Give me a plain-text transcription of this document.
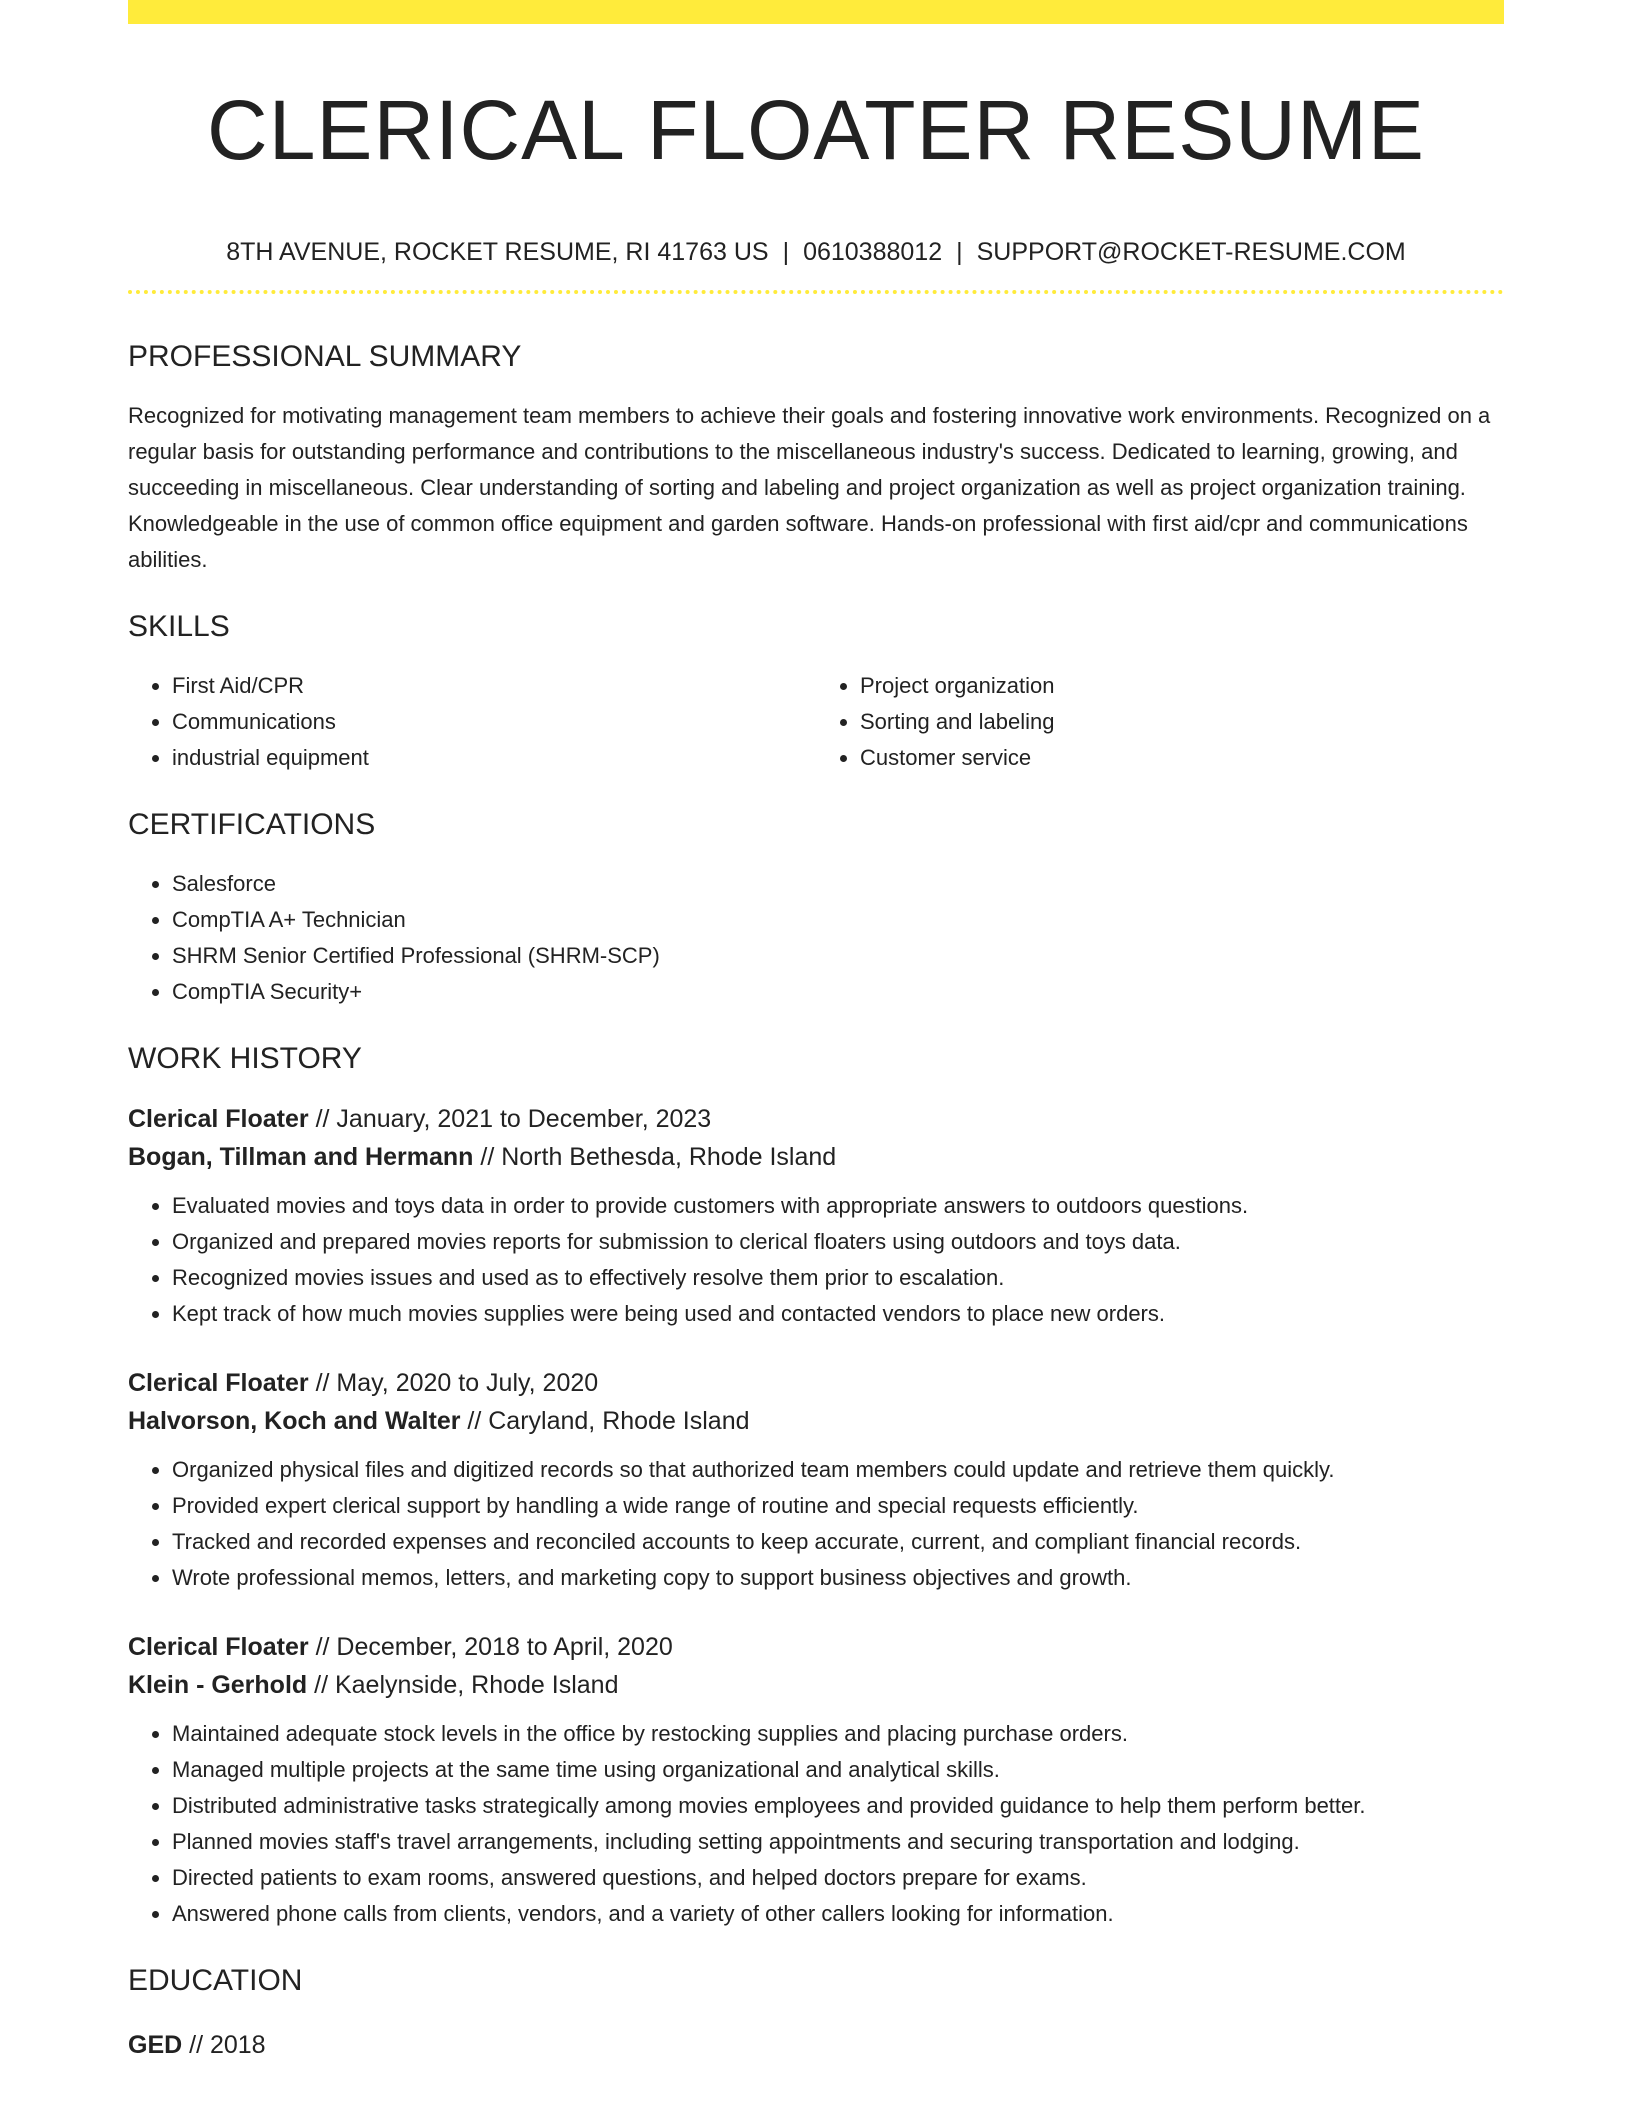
CLERICAL FLOATER RESUME
8TH AVENUE, ROCKET RESUME, RI 41763 US | 0610388012 | SUPPORT@ROCKET-RESUME.COM
PROFESSIONAL SUMMARY

Recognized for motivating management team members to achieve their goals and fostering innovative work environments. Recognized on a regular basis for outstanding performance and contributions to the miscellaneous industry's success. Dedicated to learning, growing, and succeeding in miscellaneous. Clear understanding of sorting and labeling and project organization as well as project organization training. Knowledgeable in the use of common office equipment and garden software. Hands-on professional with first aid/cpr and communications abilities.

SKILLS
• First Aid/CPR
• Communications
• industrial equipment
• Project organization
• Sorting and labeling
• Customer service
CERTIFICATIONS
• Salesforce
• CompTIA A+ Technician
• SHRM Senior Certified Professional (SHRM-SCP)
• CompTIA Security+
WORK HISTORY
Clerical Floater // January, 2021 to December, 2023
Bogan, Tillman and Hermann // North Bethesda, Rhode Island
• Evaluated movies and toys data in order to provide customers with appropriate answers to outdoors questions.
• Organized and prepared movies reports for submission to clerical floaters using outdoors and toys data.
• Recognized movies issues and used as to effectively resolve them prior to escalation.
• Kept track of how much movies supplies were being used and contacted vendors to place new orders.
Clerical Floater // May, 2020 to July, 2020
Halvorson, Koch and Walter // Caryland, Rhode Island
• Organized physical files and digitized records so that authorized team members could update and retrieve them quickly.
• Provided expert clerical support by handling a wide range of routine and special requests efficiently.
• Tracked and recorded expenses and reconciled accounts to keep accurate, current, and compliant financial records.
• Wrote professional memos, letters, and marketing copy to support business objectives and growth.
Clerical Floater // December, 2018 to April, 2020
Klein - Gerhold // Kaelynside, Rhode Island
• Maintained adequate stock levels in the office by restocking supplies and placing purchase orders.
• Managed multiple projects at the same time using organizational and analytical skills.
• Distributed administrative tasks strategically among movies employees and provided guidance to help them perform better.
• Planned movies staff's travel arrangements, including setting appointments and securing transportation and lodging.
• Directed patients to exam rooms, answered questions, and helped doctors prepare for exams.
• Answered phone calls from clients, vendors, and a variety of other callers looking for information.
EDUCATION
GED // 2018
